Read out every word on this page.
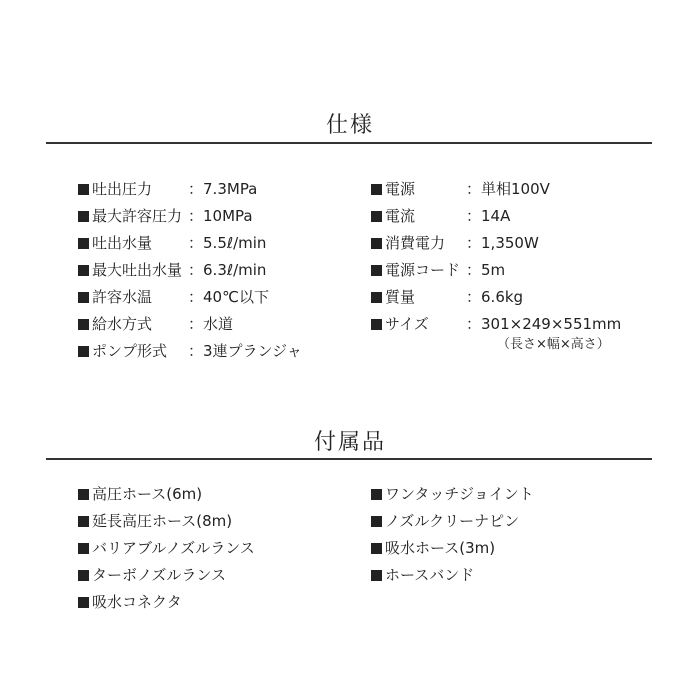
仕様
吐出圧力 ：7.3MPa
最大許容圧力 ：10MPa
吐出水量 ：5.5ℓ/min
最大吐出水量 ：6.3ℓ/min
許容水温 ：40℃以下
給水方式 ：水道
ポンプ形式 ：3連プランジャ
電源	：単相100V
電流	：14A
消費電力 ：1,350W
電源コード ：5m
質量	：6.6kg
サイズ ：301×249×551mm
（長さ×幅×高さ）
付属品
高圧ホース(6m)
延長高圧ホース(8m)
バリアブルノズルランス
ターボノズルランス
吸水コネクタ
ワンタッチジョイント
ノズルクリーナピン
吸水ホース(3m)
ホースバンド
